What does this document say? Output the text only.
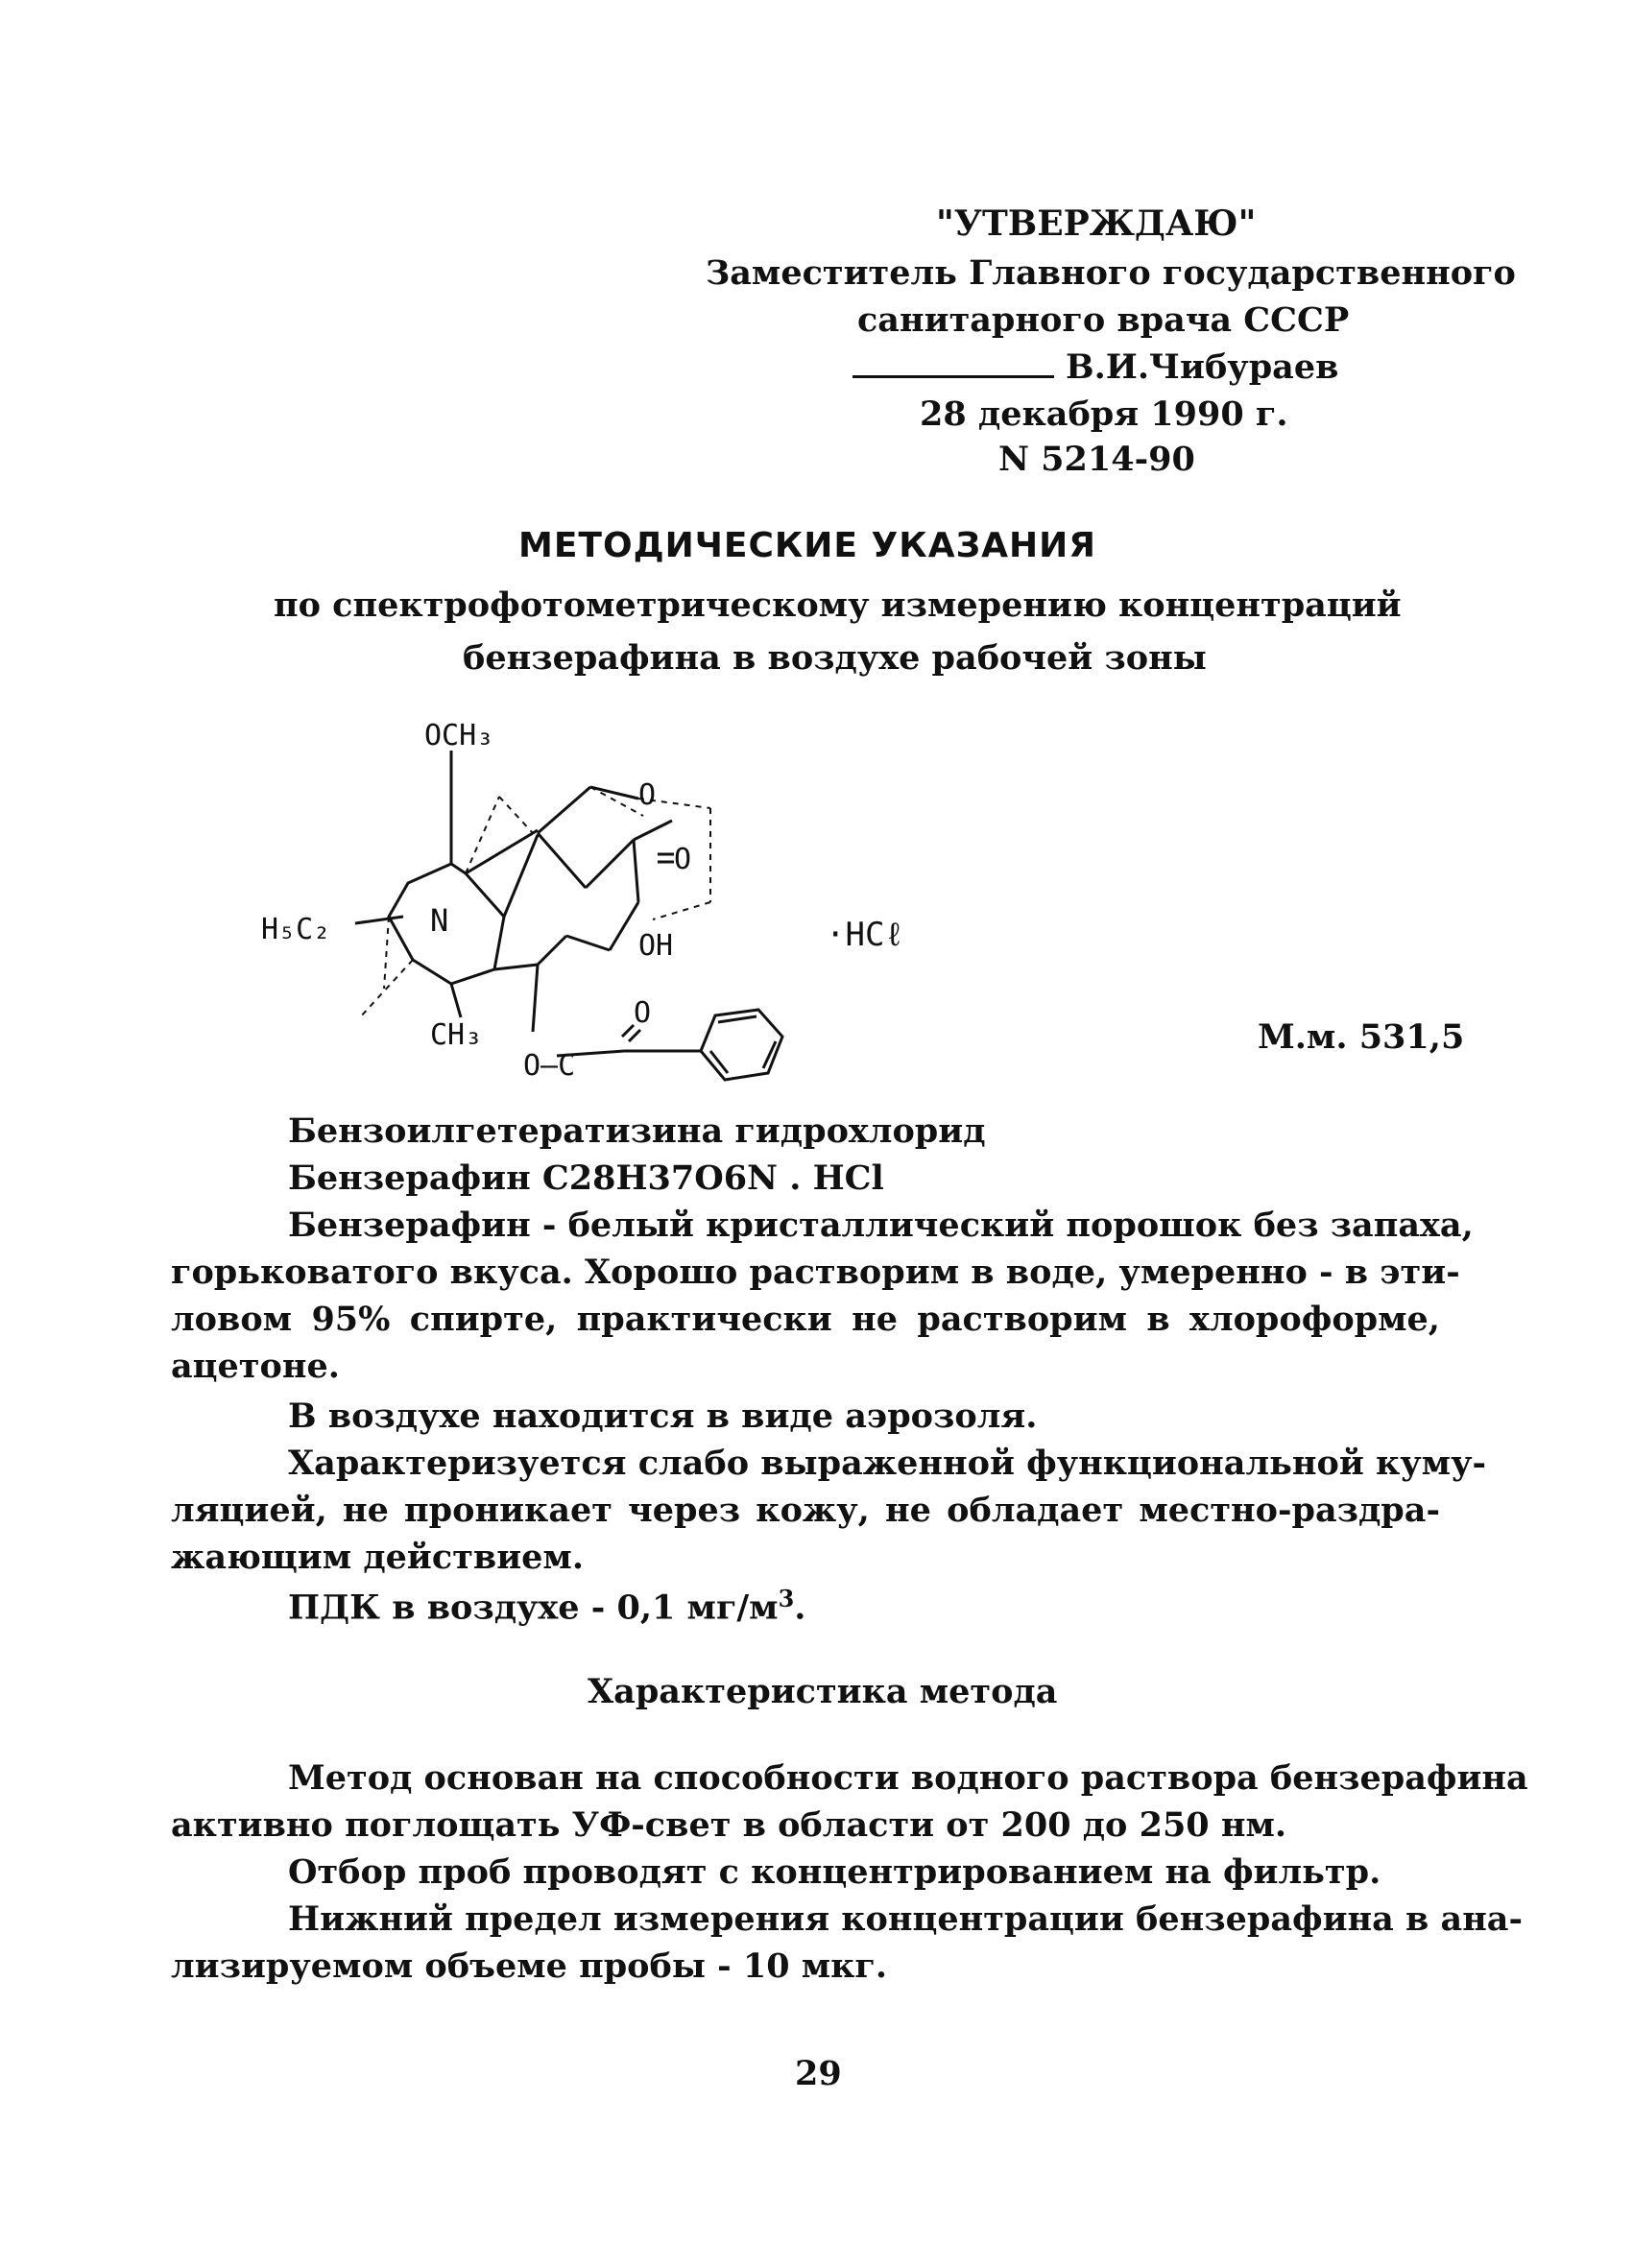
"УТВЕРЖДАЮ"
Заместитель Главного государственного
санитарного врача СССР
В.И.Чибураев
28 декабря 1990 г.
N 5214-90
МЕТОДИЧЕСКИЕ УКАЗАНИЯ
по спектрофотометрическому измерению концентраций
бензерафина в воздухе рабочей зоны
OCH₃
H₅C₂	N
OH
CH₃
O
O
O–C
O
·HCℓ
М.м. 531,5
Бензоилгетератизина гидрохлорид
Бензерафин C28H37O6N . HCl
Бензерафин - белый кристаллический порошок без запаха,
горьковатого вкуса. Хорошо растворим в воде, умеренно - в эти-
ловом 95% спирте, практически не растворим в хлороформе,
ацетоне.
В воздухе находится в виде аэрозоля.
Характеризуется слабо выраженной функциональной куму-
ляцией, не проникает через кожу, не обладает местно-раздра-
жающим действием.
ПДК в воздухе - 0,1 $мг/м^3$.
Характеристика метода
Метод основан на способности водного раствора бензерафина
активно поглощать УФ-свет в области от 200 до 250 нм.
Отбор проб проводят с концентрированием на фильтр.
Нижний предел измерения концентрации бензерафина в ана-
лизируемом объеме пробы - 10 мкг.
29
